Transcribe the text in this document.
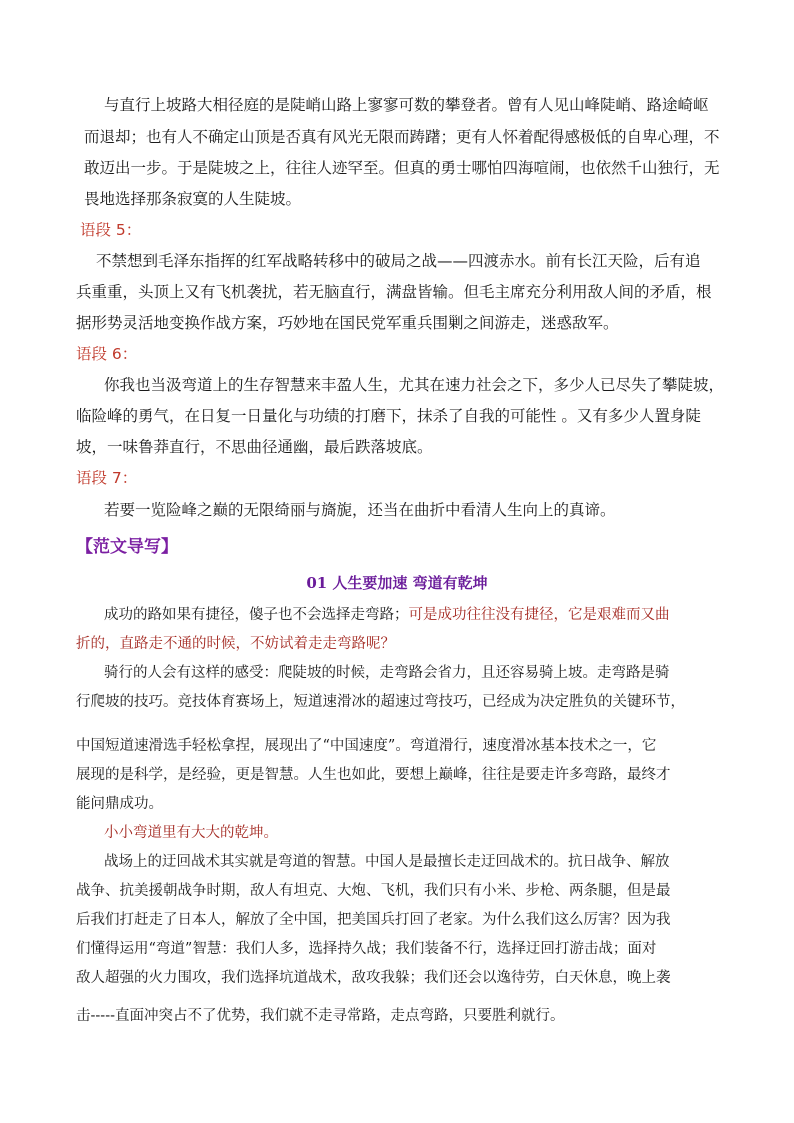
与直行上坡路大相径庭的是陡峭山路上寥寥可数的攀登者。曾有人见山峰陡峭、路途崎岖
而退却；也有人不确定山顶是否真有风光无限而踌躇；更有人怀着配得感极低的自卑心理，不
敢迈出一步。于是陡坡之上，往往人迹罕至。但真的勇士哪怕四海喧闹，也依然千山独行，无
畏地选择那条寂寞的人生陡坡。
语段 5：
不禁想到毛泽东指挥的红军战略转移中的破局之战——四渡赤水。前有长江天险，后有追
兵重重，头顶上又有飞机袭扰，若无脑直行，满盘皆输。但毛主席充分利用敌人间的矛盾，根
据形势灵活地变换作战方案，巧妙地在国民党军重兵围剿之间游走，迷惑敌军。
语段 6：
你我也当汲弯道上的生存智慧来丰盈人生，尤其在速力社会之下，多少人已尽失了攀陡坡，
临险峰的勇气，在日复一日量化与功绩的打磨下，抹杀了自我的可能性 。又有多少人置身陡
坡，一味鲁莽直行，不思曲径通幽，最后跌落坡底。
语段 7：
若要一览险峰之巅的无限绮丽与旖旎，还当在曲折中看清人生向上的真谛。
【范文导写】
01 人生要加速 弯道有乾坤
成功的路如果有捷径，傻子也不会选择走弯路；可是成功往往没有捷径，它是艰难而又曲
折的，直路走不通的时候，不妨试着走走弯路呢？
骑行的人会有这样的感受：爬陡坡的时候，走弯路会省力，且还容易骑上坡。走弯路是骑
行爬坡的技巧。竞技体育赛场上，短道速滑冰的超速过弯技巧，已经成为决定胜负的关键环节，
中国短道速滑选手轻松拿捏，展现出了“中国速度”。弯道滑行，速度滑冰基本技术之一，它
展现的是科学，是经验，更是智慧。人生也如此，要想上巅峰，往往是要走许多弯路，最终才
能问鼎成功。
小小弯道里有大大的乾坤。
战场上的迂回战术其实就是弯道的智慧。中国人是最擅长走迂回战术的。抗日战争、解放
战争、抗美援朝战争时期，敌人有坦克、大炮、飞机，我们只有小米、步枪、两条腿，但是最
后我们打赶走了日本人，解放了全中国，把美国兵打回了老家。为什么我们这么厉害？因为我
们懂得运用“弯道”智慧：我们人多，选择持久战；我们装备不行，选择迂回打游击战；面对
敌人超强的火力围攻，我们选择坑道战术，敌攻我躲；我们还会以逸待劳，白天休息，晚上袭
击-----直面冲突占不了优势，我们就不走寻常路，走点弯路，只要胜利就行。
